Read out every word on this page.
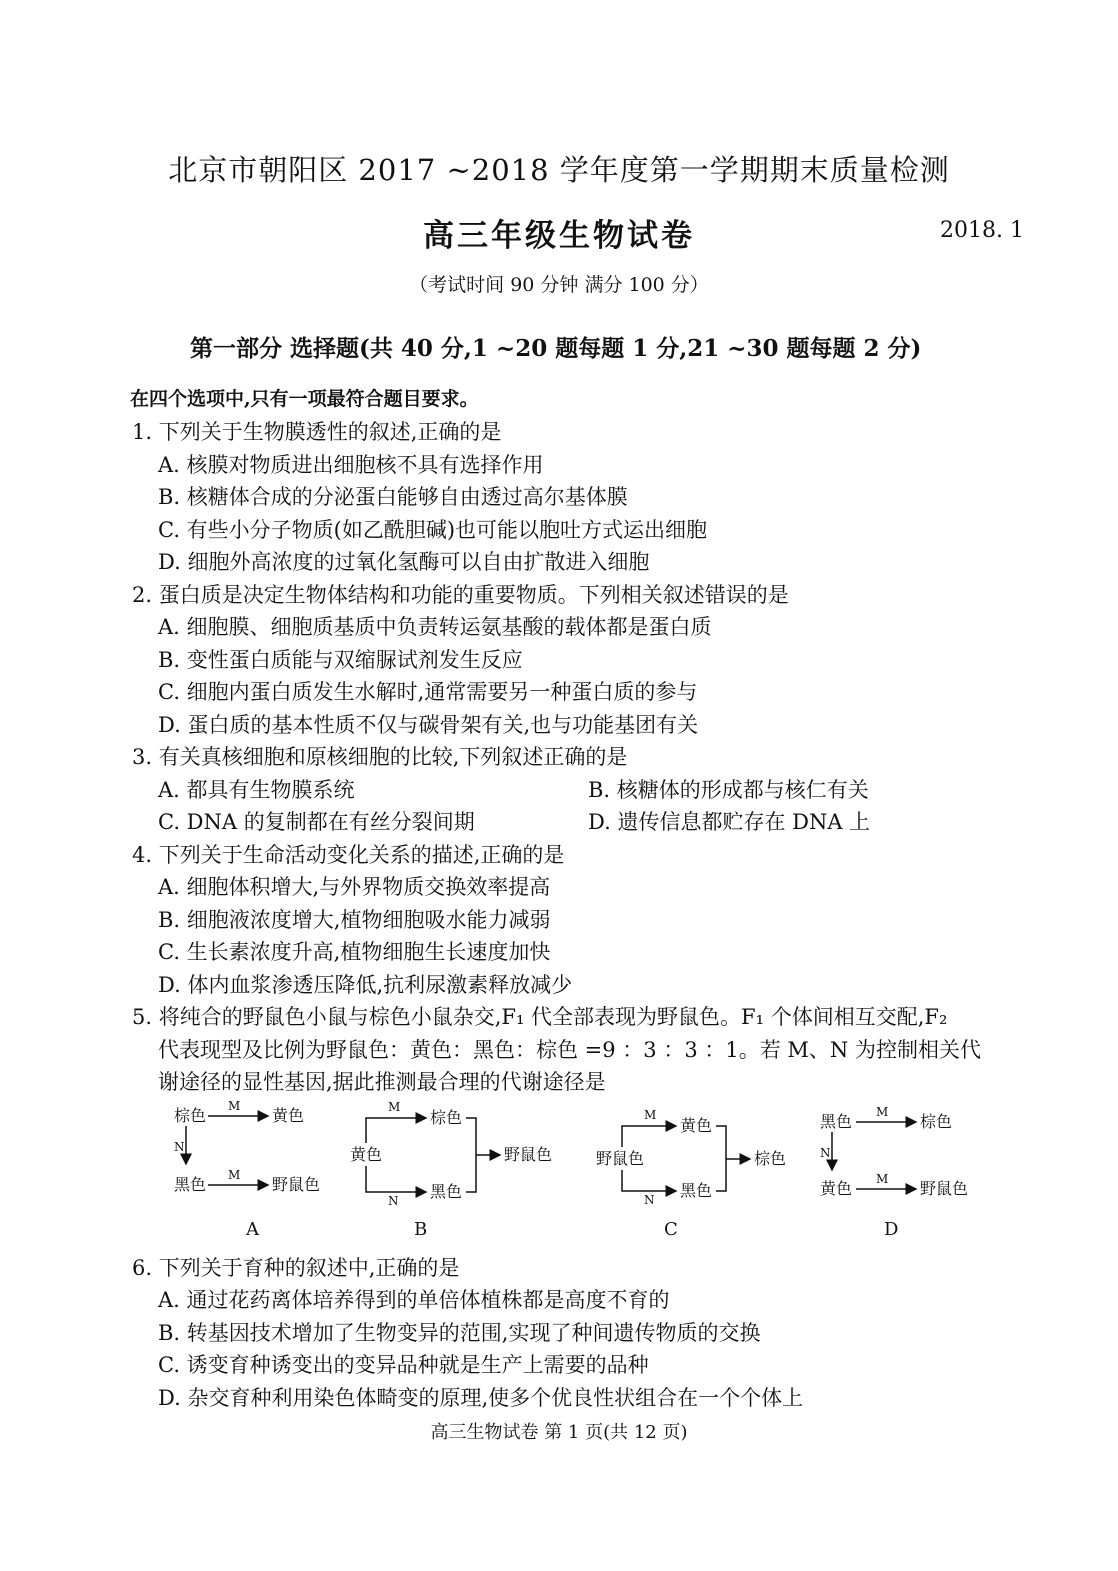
北京市朝阳区 2017 ~2018 学年度第一学期期末质量检测
高三年级生物试卷	2018. 1
（考试时间 90 分钟 满分 100 分）
第一部分 选择题(共 40 分,1 ~20 题每题 1 分,21 ~30 题每题 2 分)
在四个选项中,只有一项最符合题目要求。
1. 下列关于生物膜透性的叙述,正确的是
A. 核膜对物质进出细胞核不具有选择作用
B. 核糖体合成的分泌蛋白能够自由透过高尔基体膜
C. 有些小分子物质(如乙酰胆碱)也可能以胞吐方式运出细胞
D. 细胞外高浓度的过氧化氢酶可以自由扩散进入细胞
2. 蛋白质是决定生物体结构和功能的重要物质。下列相关叙述错误的是
A. 细胞膜、细胞质基质中负责转运氨基酸的载体都是蛋白质
B. 变性蛋白质能与双缩脲试剂发生反应
C. 细胞内蛋白质发生水解时,通常需要另一种蛋白质的参与
D. 蛋白质的基本性质不仅与碳骨架有关,也与功能基团有关
3. 有关真核细胞和原核细胞的比较,下列叙述正确的是
A. 都具有生物膜系统	B. 核糖体的形成都与核仁有关
C. DNA 的复制都在有丝分裂间期	D. 遗传信息都贮存在 DNA 上
4. 下列关于生命活动变化关系的描述,正确的是
A. 细胞体积增大,与外界物质交换效率提高
B. 细胞液浓度增大,植物细胞吸水能力减弱
C. 生长素浓度升高,植物细胞生长速度加快
D. 体内血浆渗透压降低,抗利尿激素释放减少
5. 将纯合的野鼠色小鼠与棕色小鼠杂交,F₁ 代全部表现为野鼠色。F₁ 个体间相互交配,F₂
代表现型及比例为野鼠色：黄色：黑色：棕色 =9 ：3 ：3 ：1。若 M、N 为控制相关代
谢途径的显性基因,据此推测最合理的代谢途径是
棕色 M 黄色
N
黑色 M 野鼠色
A
黄色
M
棕色
N 黑色
野鼠色
B
野鼠色
M
黄色
N 黑色
棕色
C
黑色 M 棕色
N
黄色 M 野鼠色
D
6. 下列关于育种的叙述中,正确的是
A. 通过花药离体培养得到的单倍体植株都是高度不育的
B. 转基因技术增加了生物变异的范围,实现了种间遗传物质的交换
C. 诱变育种诱变出的变异品种就是生产上需要的品种
D. 杂交育种利用染色体畸变的原理,使多个优良性状组合在一个个体上
高三生物试卷 第 1 页(共 12 页)
